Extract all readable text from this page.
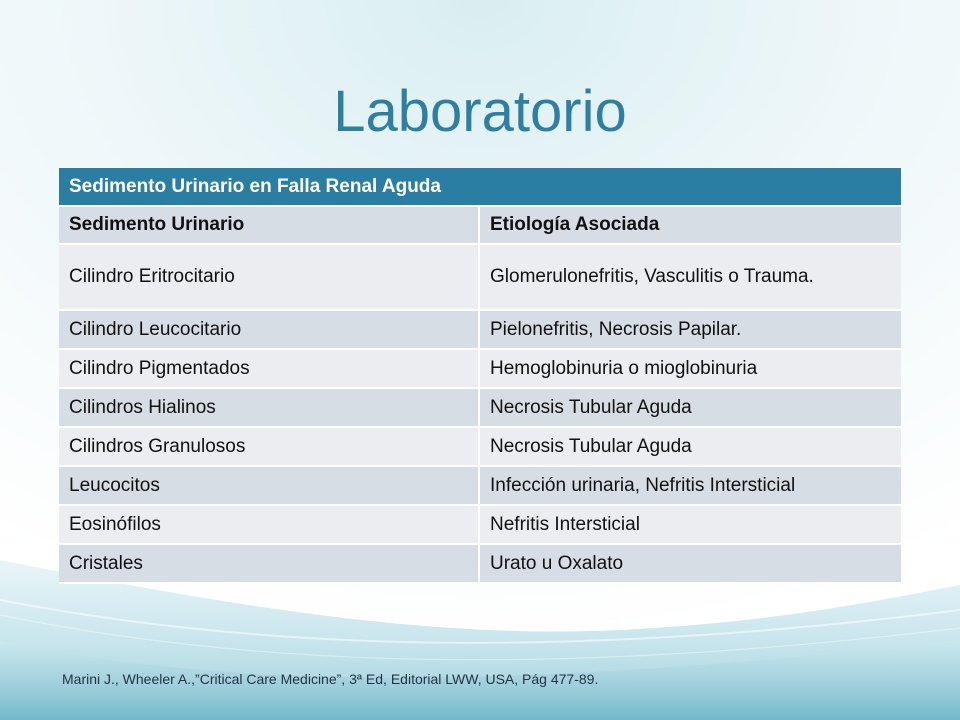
Laboratorio
Sedimento Urinario en Falla Renal Aguda	
Sedimento Urinario	Etiología Asociada
Cilindro Eritrocitario	Glomerulonefritis, Vasculitis o Trauma.
Cilindro Leucocitario	Pielonefritis, Necrosis Papilar.
Cilindro Pigmentados	Hemoglobinuria o mioglobinuria
Cilindros Hialinos	Necrosis Tubular Aguda
Cilindros Granulosos	Necrosis Tubular Aguda
Leucocitos	Infección urinaria, Nefritis Intersticial
Eosinófilos	Nefritis Intersticial
Cristales	Urato u Oxalato
Marini J., Wheeler A.,”Critical Care Medicine”, 3ª Ed, Editorial LWW, USA, Pág 477-89.
